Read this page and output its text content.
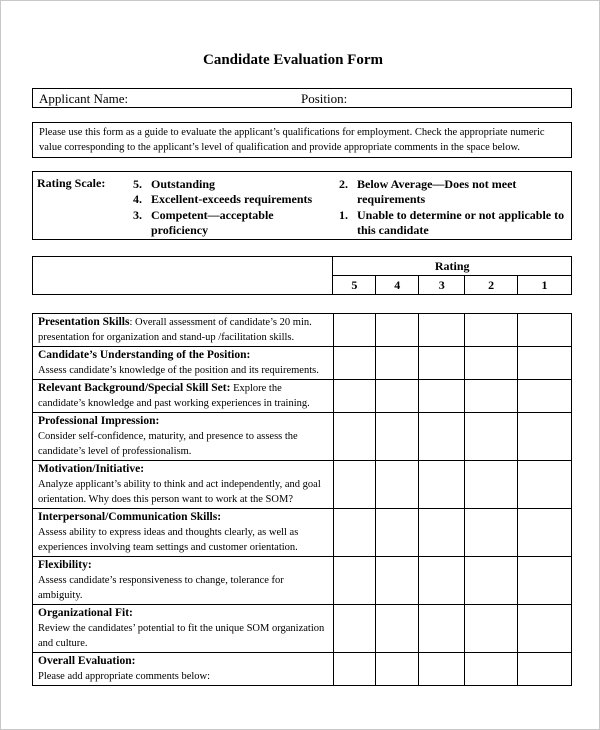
Candidate Evaluation Form
Applicant Name:	Position:
Please use this form as a guide to evaluate the applicant’s qualifications for employment. Check the appropriate numeric value corresponding to the applicant’s level of qualification and provide appropriate comments in the space below.
Rating Scale: 5. Outstanding
4. Excellent-exceeds requirements
3. Competent—acceptable
proficiency
2. Below Average—Does not meet
requirements
1. Unable to determine or not applicable to
this candidate
	Rating				
	5	4	3	2	1
Presentation Skills: Overall assessment of candidate’s 20 min. presentation for organization and stand-up /facilitation skills.					
Candidate’s Understanding of the Position:
Assess candidate’s knowledge of the position and its requirements.					
Relevant Background/Special Skill Set: Explore the candidate’s knowledge and past working experiences in training.					
Professional Impression:
Consider self-confidence, maturity, and presence to assess the candidate’s level of professionalism.					
Motivation/Initiative:
Analyze applicant’s ability to think and act independently, and goal orientation. Why does this person want to work at the SOM?					
Interpersonal/Communication Skills:
Assess ability to express ideas and thoughts clearly, as well as experiences involving team settings and customer orientation.					
Flexibility:
Assess candidate’s responsiveness to change, tolerance for ambiguity.					
Organizational Fit:
Review the candidates’ potential to fit the unique SOM organization and culture.					
Overall Evaluation:
Please add appropriate comments below:					
